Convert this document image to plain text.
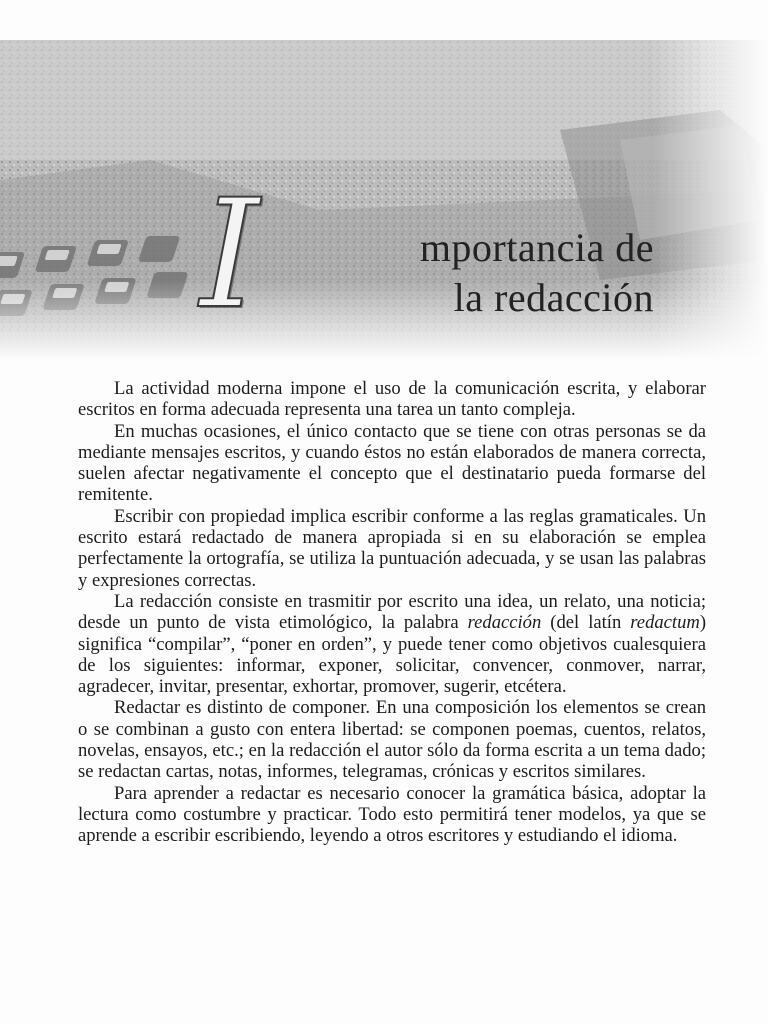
I	mportancia de
la redacción

La actividad moderna impone el uso de la comunicación escrita, y elaborar escritos en forma adecuada representa una tarea un tanto compleja.

En muchas ocasiones, el único contacto que se tiene con otras personas se da mediante mensajes escritos, y cuando éstos no están elaborados de manera correcta, suelen afectar negativamente el concepto que el destinatario pueda formarse del remitente.

Escribir con propiedad implica escribir conforme a las reglas gramaticales. Un escrito estará redactado de manera apropiada si en su elaboración se emplea perfectamente la ortografía, se utiliza la puntuación adecuada, y se usan las palabras y expresiones correctas.

La redacción consiste en trasmitir por escrito una idea, un relato, una noticia; desde un punto de vista etimológico, la palabra redacción (del latín redactum) significa “compilar”, “poner en orden”, y puede tener como objetivos cualesquiera de los siguientes: informar, exponer, solicitar, convencer, conmover, narrar, agradecer, invitar, presentar, exhortar, promover, sugerir, etcétera.

Redactar es distinto de componer. En una composición los elementos se crean o se combinan a gusto con entera libertad: se componen poemas, cuentos, relatos, novelas, ensayos, etc.; en la redacción el autor sólo da forma escrita a un tema dado; se redactan cartas, notas, informes, telegramas, crónicas y escritos similares.

Para aprender a redactar es necesario conocer la gramática básica, adoptar la lectura como costumbre y practicar. Todo esto permitirá tener modelos, ya que se aprende a escribir escribiendo, leyendo a otros escritores y estudiando el idioma.
